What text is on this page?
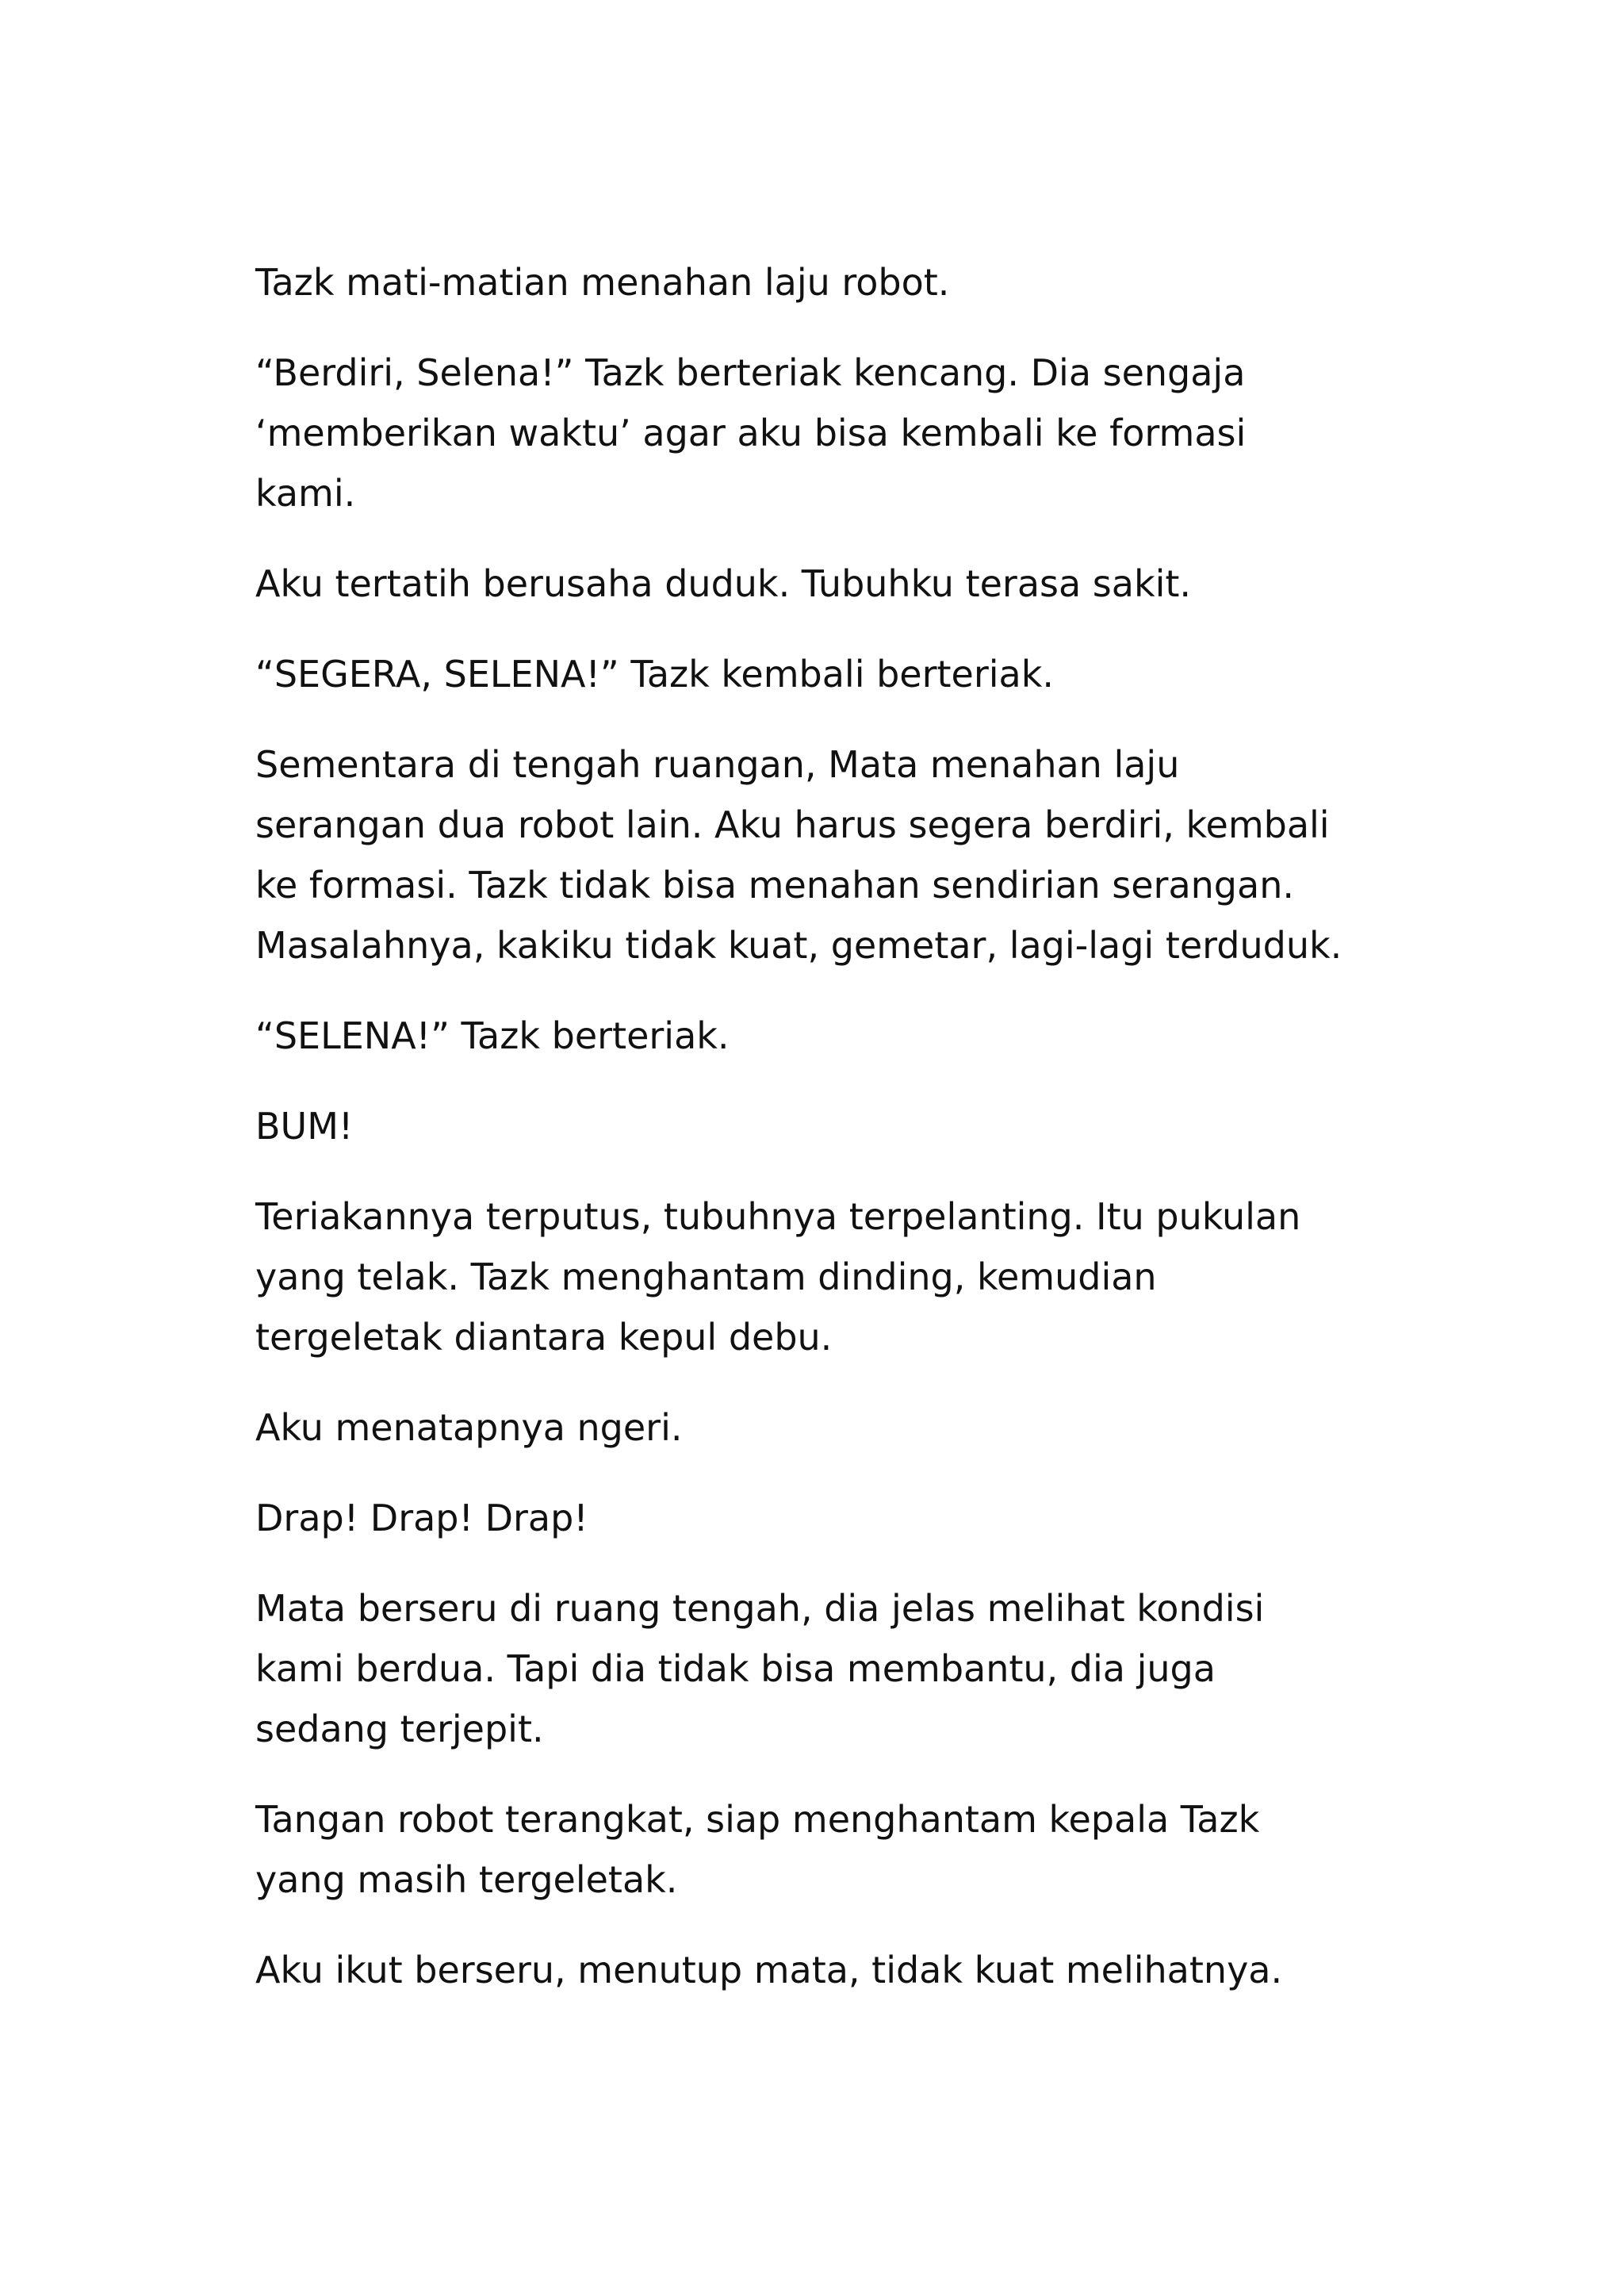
Tazk mati-matian menahan laju robot.

“Berdiri, Selena!” Tazk berteriak kencang. Dia sengaja
‘memberikan waktu’ agar aku bisa kembali ke formasi
kami.

Aku tertatih berusaha duduk. Tubuhku terasa sakit.

“SEGERA, SELENA!” Tazk kembali berteriak.

Sementara di tengah ruangan, Mata menahan laju
serangan dua robot lain. Aku harus segera berdiri, kembali
ke formasi. Tazk tidak bisa menahan sendirian serangan.
Masalahnya, kakiku tidak kuat, gemetar, lagi-lagi terduduk.

“SELENA!” Tazk berteriak.

BUM!

Teriakannya terputus, tubuhnya terpelanting. Itu pukulan
yang telak. Tazk menghantam dinding, kemudian
tergeletak diantara kepul debu.

Aku menatapnya ngeri.

Drap! Drap! Drap!

Mata berseru di ruang tengah, dia jelas melihat kondisi
kami berdua. Tapi dia tidak bisa membantu, dia juga
sedang terjepit.

Tangan robot terangkat, siap menghantam kepala Tazk
yang masih tergeletak.

Aku ikut berseru, menutup mata, tidak kuat melihatnya.
